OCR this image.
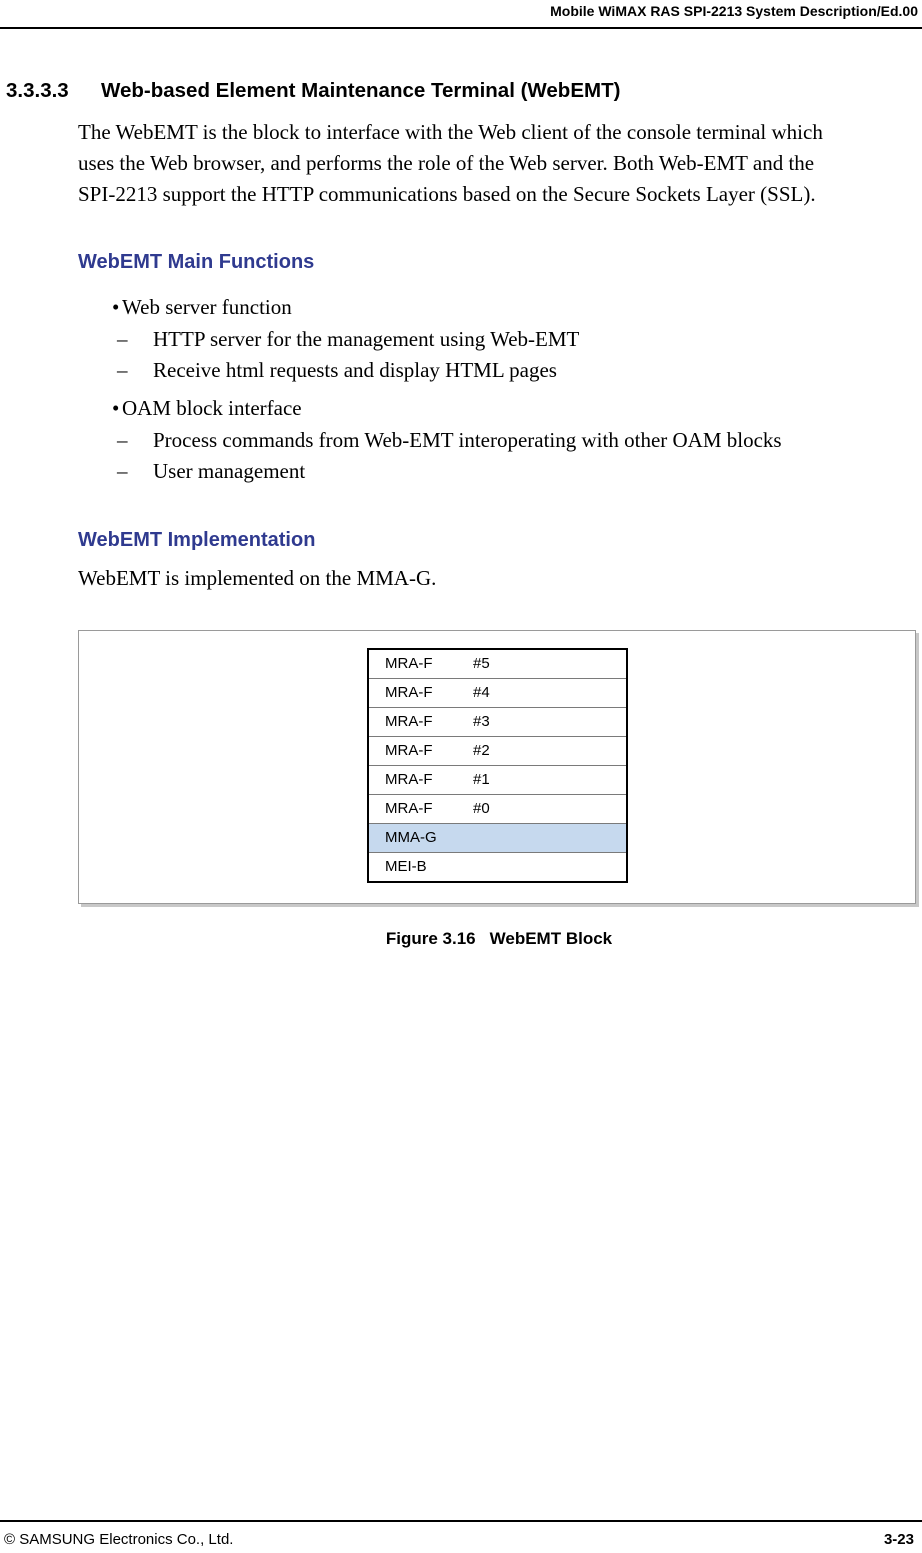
Mobile WiMAX RAS SPI-2213 System Description/Ed.00
3.3.3.3 Web-based Element Maintenance Terminal (WebEMT)
The WebEMT is the block to interface with the Web client of the console terminal which
uses the Web browser, and performs the role of the Web server. Both Web-EMT and the
SPI-2213 support the HTTP communications based on the Secure Sockets Layer (SSL).
WebEMT Main Functions
• Web server function
– HTTP server for the management using Web-EMT
– Receive html requests and display HTML pages
• OAM block interface
– Process commands from Web-EMT interoperating with other OAM blocks
– User management
WebEMT Implementation
WebEMT is implemented on the MMA-G.
MRA-F	#5
MRA-F	#4
MRA-F	#3
MRA-F	#2
MRA-F	#1
MRA-F	#0
MMA-G
MEI-B
Figure 3.16 WebEMT Block
© SAMSUNG Electronics Co., Ltd.	3-23
